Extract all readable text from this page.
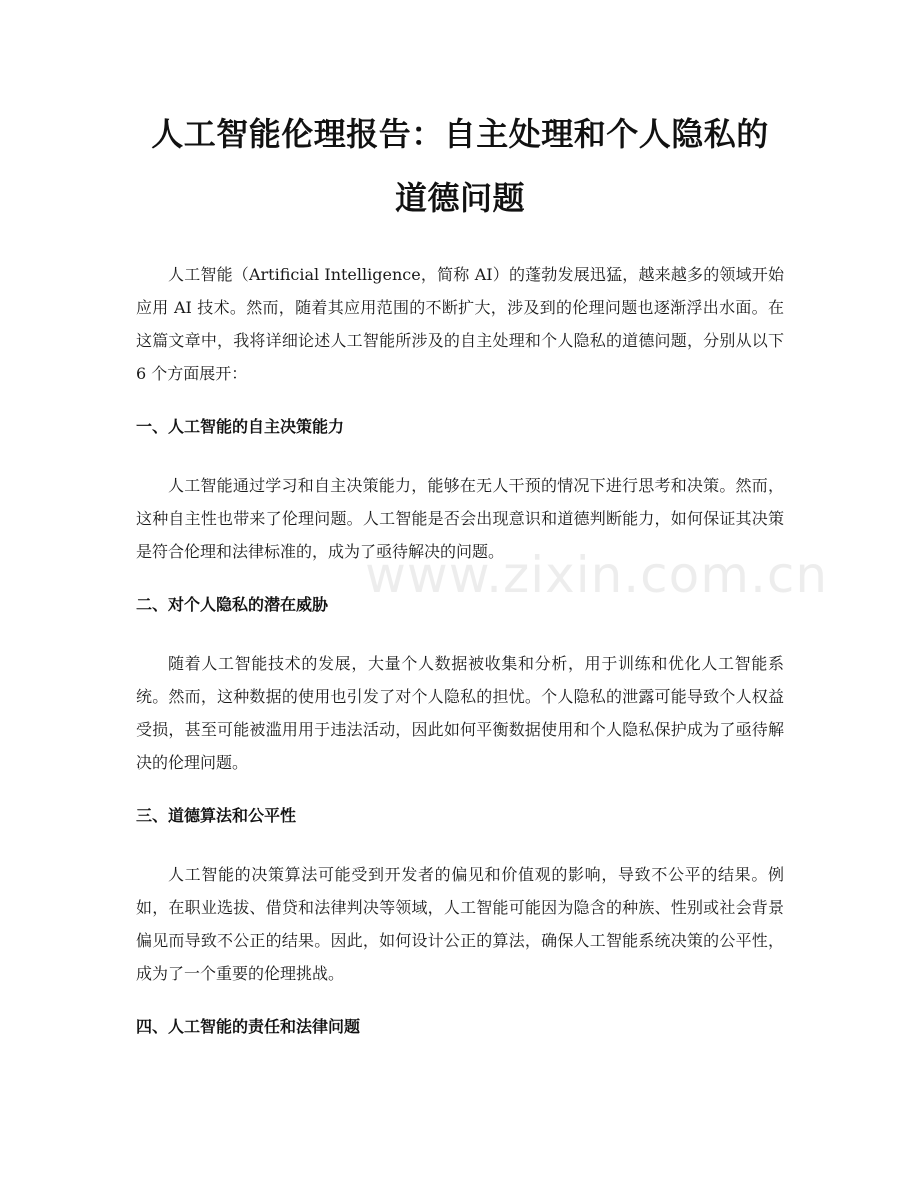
人工智能伦理报告：自主处理和个人隐私的道德问题

人工智能（Artificial Intelligence，简称 AI）的蓬勃发展迅猛，越来越多的领域开始应用 AI 技术。然而，随着其应用范围的不断扩大，涉及到的伦理问题也逐渐浮出水面。在这篇文章中，我将详细论述人工智能所涉及的自主处理和个人隐私的道德问题，分别从以下 6 个方面展开：

一、人工智能的自主决策能力

人工智能通过学习和自主决策能力，能够在无人干预的情况下进行思考和决策。然而，这种自主性也带来了伦理问题。人工智能是否会出现意识和道德判断能力，如何保证其决策是符合伦理和法律标准的，成为了亟待解决的问题。

二、对个人隐私的潜在威胁

随着人工智能技术的发展，大量个人数据被收集和分析，用于训练和优化人工智能系统。然而，这种数据的使用也引发了对个人隐私的担忧。个人隐私的泄露可能导致个人权益受损，甚至可能被滥用用于违法活动，因此如何平衡数据使用和个人隐私保护成为了亟待解决的伦理问题。

三、道德算法和公平性

人工智能的决策算法可能受到开发者的偏见和价值观的影响，导致不公平的结果。例如，在职业选拔、借贷和法律判决等领域，人工智能可能因为隐含的种族、性别或社会背景偏见而导致不公正的结果。因此，如何设计公正的算法，确保人工智能系统决策的公平性，成为了一个重要的伦理挑战。

四、人工智能的责任和法律问题
www.zixin.com.cn
